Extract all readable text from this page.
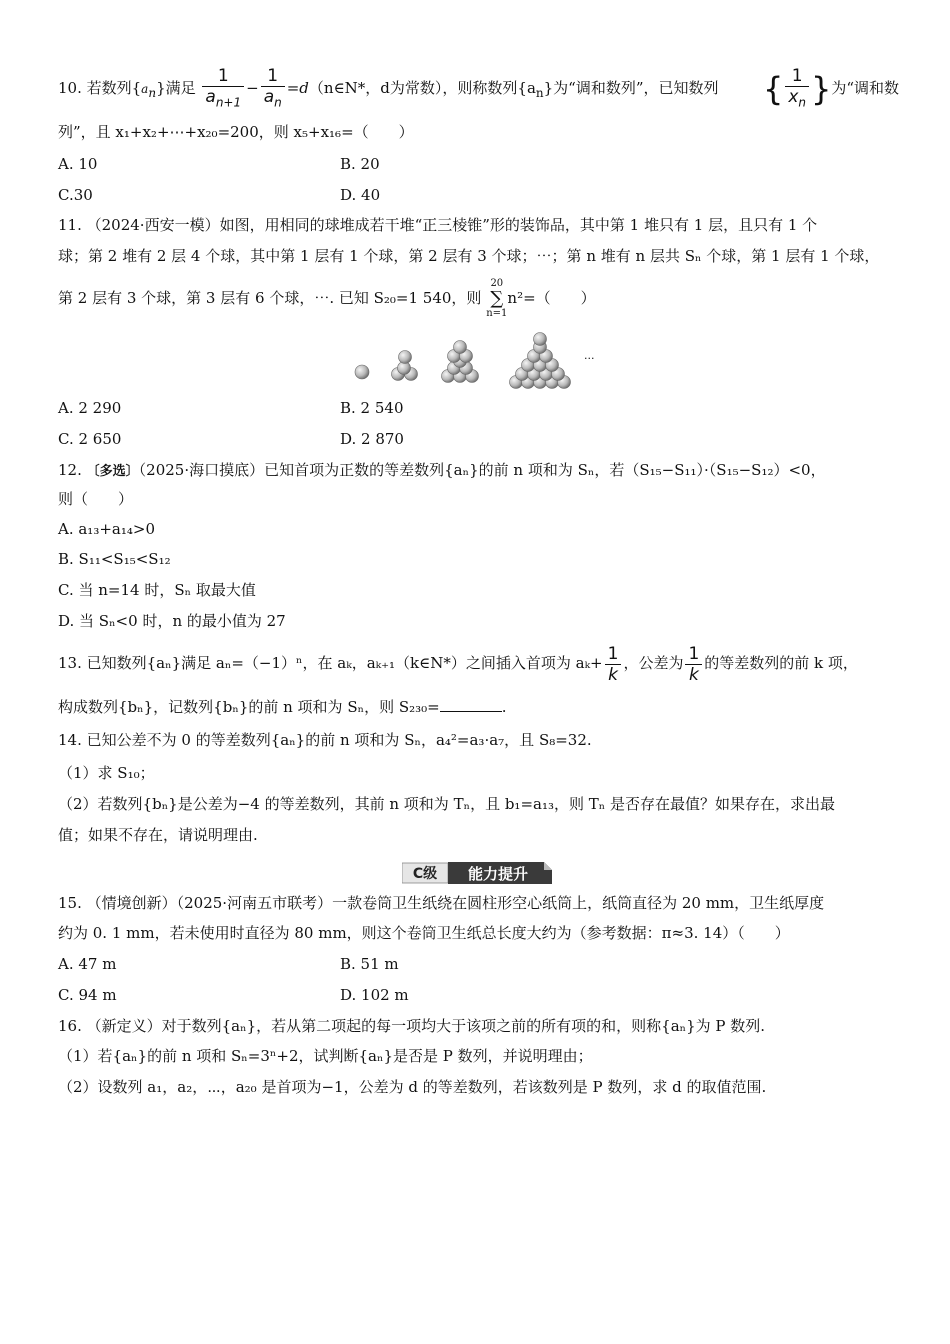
10. 若数列$\{a_n\}$满足 $\frac{1}{a_{n+1}} - \frac{1}{a_n}$ =d（n∈N*，d为常数），则称数列$\{a_n\}$为“调和数列”，已知数列 { $\frac{1}{x_n}$ }为“调和数
列”，且 x₁+x₂+⋯+x₂₀=200，则 x₅+x₁₆=（　　）
A. 10	B. 20
C.30	D. 40
11. （2024·西安一模）如图，用相同的球堆成若干堆“正三棱锥”形的装饰品，其中第 1 堆只有 1 层，且只有 1 个
球；第 2 堆有 2 层 4 个球，其中第 1 层有 1 个球，第 2 层有 3 个球；⋯；第 n 堆有 n 层共 Sₙ 个球，第 1 层有 1 个球，
第 2 层有 3 个球，第 3 层有 6 个球，⋯. 已知 S₂₀=1 540，则 20
∑
n=1n²=（　　）
···
A. 2 290	B. 2 540
C. 2 650	D. 2 870
12. 〔多选〕（2025·海口摸底）已知首项为正数的等差数列{aₙ}的前 n 项和为 Sₙ，若（S₁₅−S₁₁）·（S₁₅−S₁₂）<0，
则（　　）
A. a₁₃+a₁₄>0
B. S₁₁<S₁₅<S₁₂
C. 当 n=14 时，Sₙ 取最大值
D. 当 Sₙ<0 时，n 的最小值为 27
13. 已知数列{aₙ}满足 aₙ=（−1）ⁿ，在 aₖ，aₖ₊₁（k∈N*）之间插入首项为 $a_k+ \frac{1}{k}$ ，公差为 $\frac{1}{k}$ 的等差数列的前 k 项，
构成数列{bₙ}，记数列{bₙ}的前 n 项和为 Sₙ，则 S₂₃₀=	.
14. 已知公差不为 0 的等差数列{aₙ}的前 n 项和为 Sₙ，a₄²=a₃·a₇，且 S₈=32.
（1）求 S₁₀；
（2）若数列{bₙ}是公差为−4 的等差数列，其前 n 项和为 Tₙ，且 b₁=a₁₃，则 Tₙ 是否存在最值？如果存在，求出最
值；如果不存在，请说明理由.
C级 能力提升
15. （情境创新）（2025·河南五市联考）一款卷筒卫生纸绕在圆柱形空心纸筒上，纸筒直径为 20 mm，卫生纸厚度
约为 0. 1 mm，若未使用时直径为 80 mm，则这个卷筒卫生纸总长度大约为（参考数据：π≈3. 14）（　　）
A. 47 m	B. 51 m
C. 94 m	D. 102 m
16. （新定义）对于数列{aₙ}，若从第二项起的每一项均大于该项之前的所有项的和，则称{aₙ}为 P 数列.
（1）若{aₙ}的前 n 项和 Sₙ=3ⁿ+2，试判断{aₙ}是否是 P 数列，并说明理由；
（2）设数列 a₁，a₂，⋯，a₂₀ 是首项为−1，公差为 d 的等差数列，若该数列是 P 数列，求 d 的取值范围.
